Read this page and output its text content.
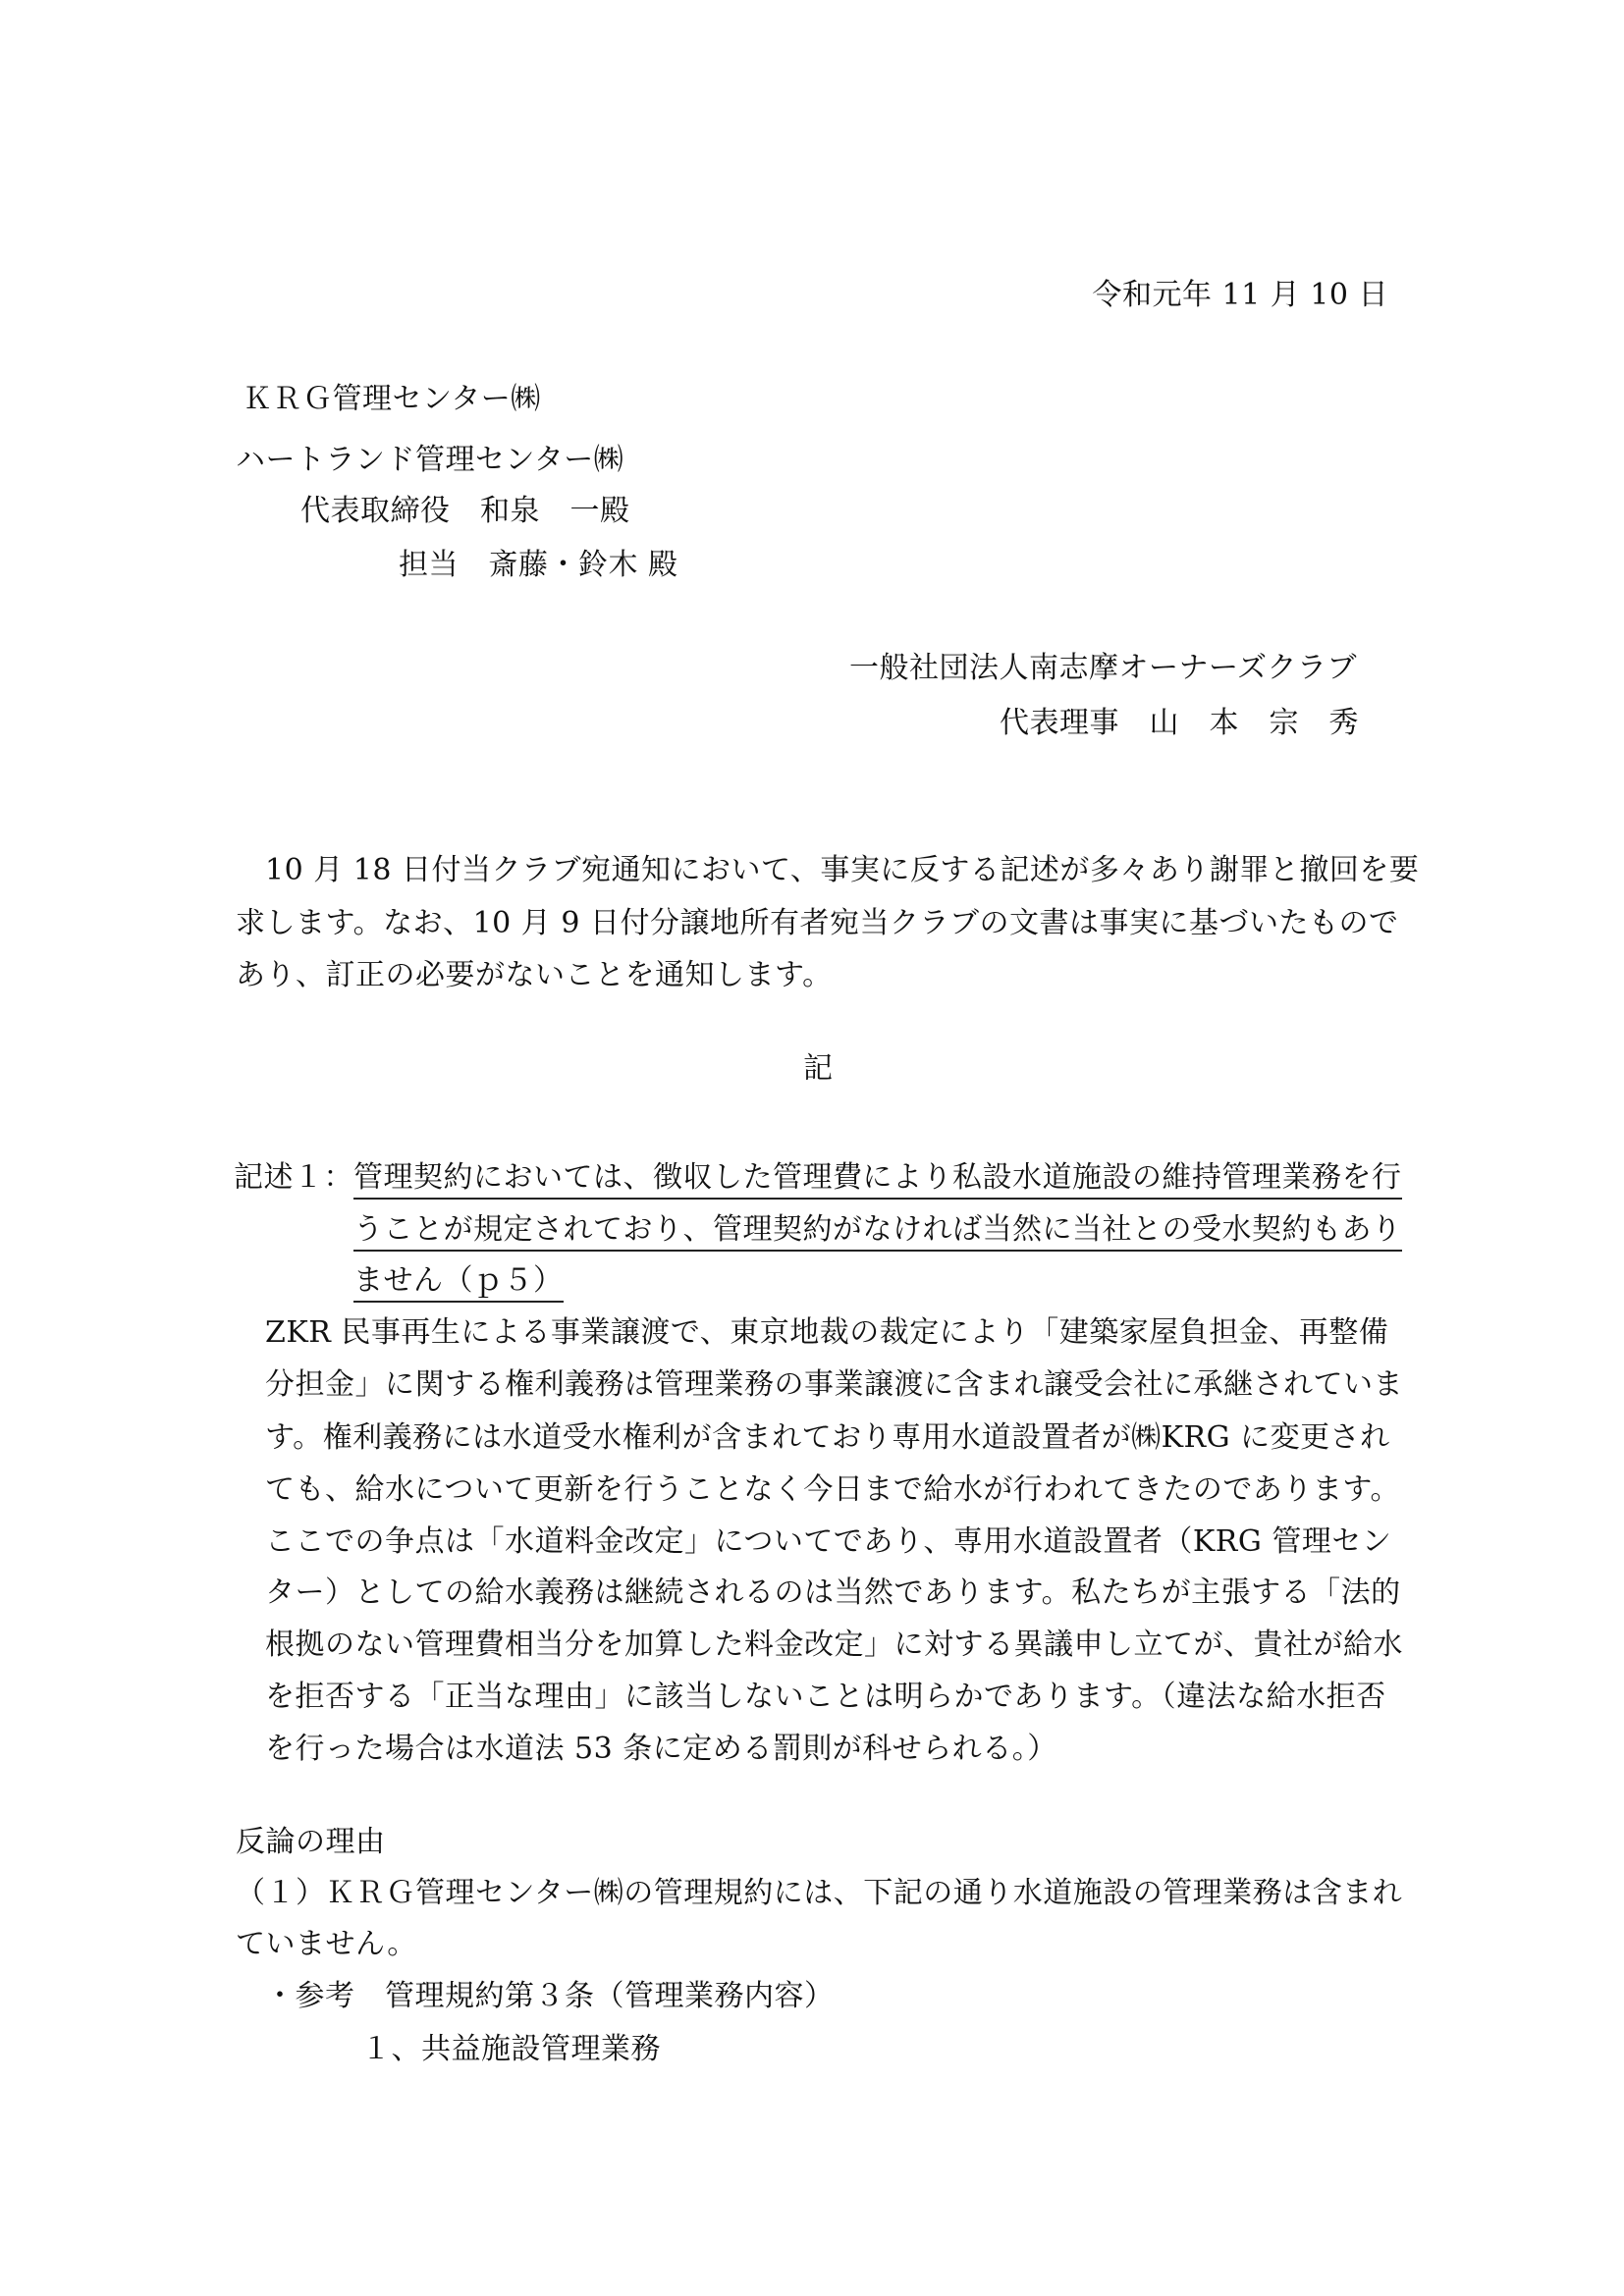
令和元年 11 月 10 日
ＫＲＧ管理センター㈱
ハートランド管理センター㈱
代表取締役　和泉　一殿
担当　斎藤・鈴木 殿
一般社団法人南志摩オーナーズクラブ
代表理事　山　本　宗　秀
10 月 18 日付当クラブ宛通知において、事実に反する記述が多々あり謝罪と撤回を要
求します。なお、10 月 9 日付分譲地所有者宛当クラブの文書は事実に基づいたもので
あり、訂正の必要がないことを通知します。
記
記述１： 管理契約においては、徴収した管理費により私設水道施設の維持管理業務を行
うことが規定されており、管理契約がなければ当然に当社との受水契約もあり
ません（ｐ５）
ZKR 民事再生による事業譲渡で、東京地裁の裁定により「建築家屋負担金、再整備
分担金」に関する権利義務は管理業務の事業譲渡に含まれ譲受会社に承継されていま
す。権利義務には水道受水権利が含まれており専用水道設置者が㈱KRG に変更され
ても、給水について更新を行うことなく今日まで給水が行われてきたのであります。
ここでの争点は「水道料金改定」についてであり、専用水道設置者（KRG 管理セン
ター）としての給水義務は継続されるのは当然であります。私たちが主張する「法的
根拠のない管理費相当分を加算した料金改定」に対する異議申し立てが、貴社が給水
を拒否する「正当な理由」に該当しないことは明らかであります。（違法な給水拒否
を行った場合は水道法 53 条に定める罰則が科せられる。）
反論の理由
（１）ＫＲＧ管理センター㈱の管理規約には、下記の通り水道施設の管理業務は含まれ
ていません。
・参考　管理規約第３条（管理業務内容）
１、共益施設管理業務
